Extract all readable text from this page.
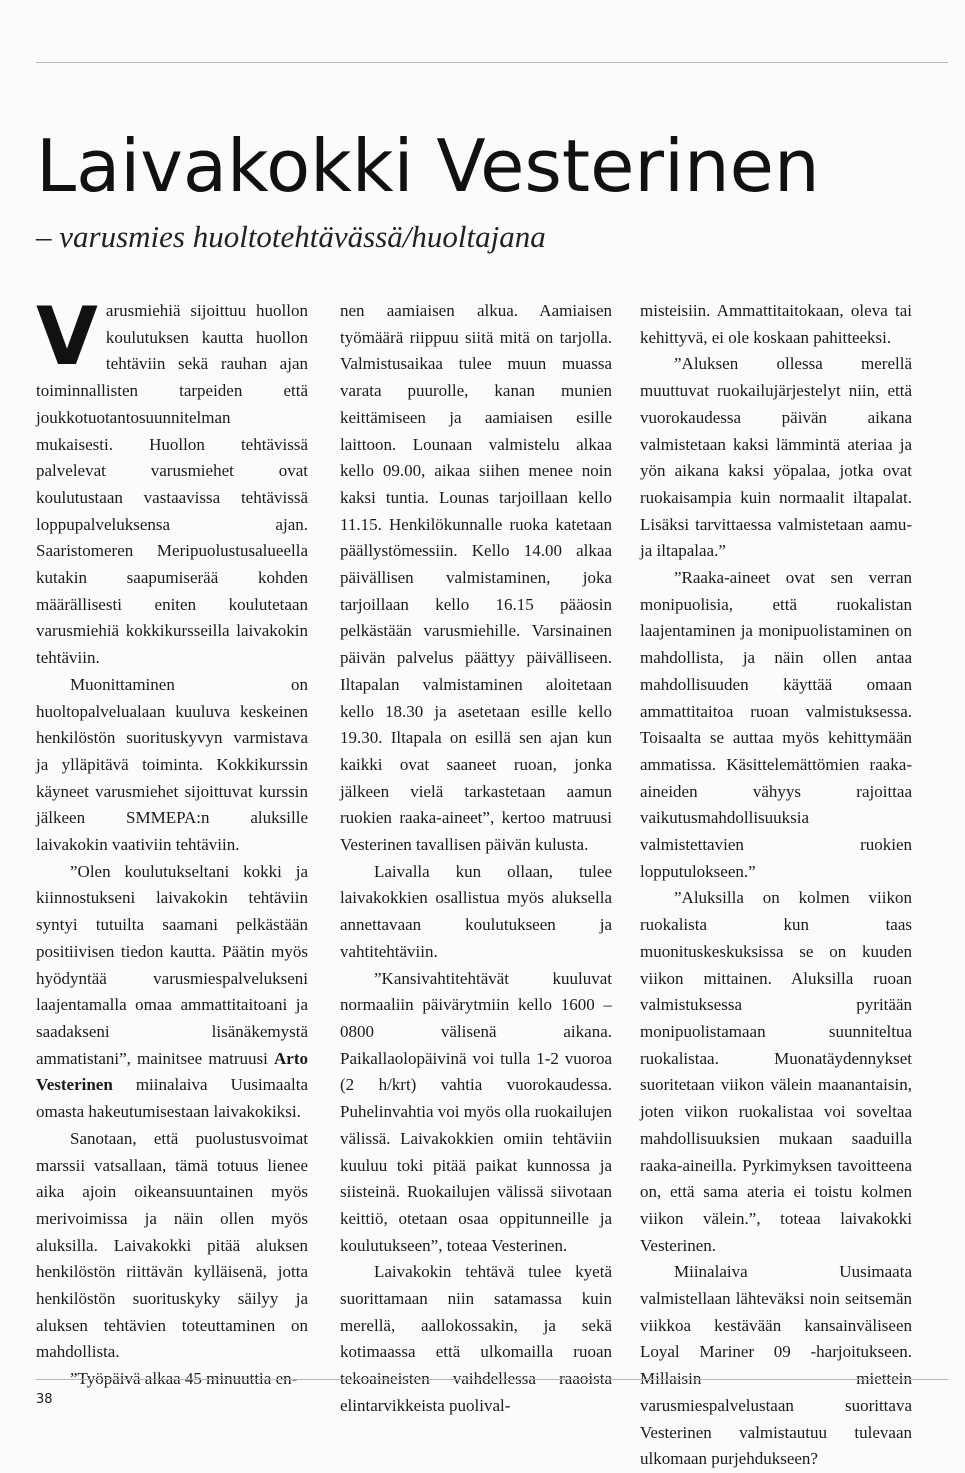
Laivakokki Vesterinen
– varusmies huoltotehtävässä/huoltajana

Varusmiehiä sijoittuu huollon koulutuksen kautta huollon tehtäviin sekä rauhan ajan toiminnallisten tarpeiden että joukkotuotantosuunnitelman mukaisesti. Huollon tehtävissä palvelevat varusmiehet ovat koulutustaan vastaavissa tehtävissä loppupalveluksensa ajan. Saaristomeren Meripuolustusalueella kutakin saapumiserää kohden määrällisesti eniten koulutetaan varusmiehiä kokkikursseilla laivakokin tehtäviin.

Muonittaminen on huoltopalvelualaan kuuluva keskeinen henkilöstön suorituskyvyn varmistava ja ylläpitävä toiminta. Kokkikurssin käyneet varusmiehet sijoittuvat kurssin jälkeen SMMEPA:n aluksille laivakokin vaativiin tehtäviin.

”Olen koulutukseltani kokki ja kiinnostukseni laivakokin tehtäviin syntyi tutuilta saamani pelkästään positiivisen tiedon kautta. Päätin myös hyödyntää varusmiespalvelukseni laajentamalla omaa ammattitaitoani ja saadakseni lisänäkemystä ammatistani”, mainitsee matruusi Arto Vesterinen miinalaiva Uusimaalta omasta hakeutumisestaan laivakokiksi.

Sanotaan, että puolustusvoimat marssii vatsallaan, tämä totuus lienee aika ajoin oikeansuuntainen myös merivoimissa ja näin ollen myös aluksilla. Laivakokki pitää aluksen henkilöstön riittävän kylläisenä, jotta henkilöstön suorituskyky säilyy ja aluksen tehtävien toteuttaminen on mahdollista.

”Työpäivä alkaa 45 minuuttia en-

nen aamiaisen alkua. Aamiaisen työmäärä riippuu siitä mitä on tarjolla. Valmistusaikaa tulee muun muassa varata puurolle, kanan munien keittämiseen ja aamiaisen esille laittoon. Lounaan valmistelu alkaa kello 09.00, aikaa siihen menee noin kaksi tuntia. Lounas tarjoillaan kello 11.15. Henkilökunnalle ruoka katetaan päällystömessiin. Kello 14.00 alkaa päivällisen valmistaminen, joka tarjoillaan kello 16.15 pääosin pelkästään varusmiehille. Varsinainen päivän palvelus päättyy päivälliseen. Iltapalan valmistaminen aloitetaan kello 18.30 ja asetetaan esille kello 19.30. Iltapala on esillä sen ajan kun kaikki ovat saaneet ruoan, jonka jälkeen vielä tarkastetaan aamun ruokien raaka-aineet”, kertoo matruusi Vesterinen tavallisen päivän kulusta.

Laivalla kun ollaan, tulee laivakokkien osallistua myös aluksella annettavaan koulutukseen ja vahtitehtäviin.

”Kansivahtitehtävät kuuluvat normaaliin päivärytmiin kello 1600 – 0800 välisenä aikana. Paikallaolopäivinä voi tulla 1-2 vuoroa (2 h/krt) vahtia vuorokaudessa. Puhelinvahtia voi myös olla ruokailujen välissä. Laivakokkien omiin tehtäviin kuuluu toki pitää paikat kunnossa ja siisteinä. Ruokailujen välissä siivotaan keittiö, otetaan osaa oppitunneille ja koulutukseen”, toteaa Vesterinen.

Laivakokin tehtävä tulee kyetä suorittamaan niin satamassa kuin merellä, aallokossakin, ja sekä kotimaassa että ulkomailla ruoan tekoaineisten vaihdellessa raaoista elintarvikkeista puolival-

misteisiin. Ammattitaitokaan, oleva tai kehittyvä, ei ole koskaan pahitteeksi.

”Aluksen ollessa merellä muuttuvat ruokailujärjestelyt niin, että vuorokaudessa päivän aikana valmistetaan kaksi lämmintä ateriaa ja yön aikana kaksi yöpalaa, jotka ovat ruokaisampia kuin normaalit iltapalat. Lisäksi tarvittaessa valmistetaan aamu- ja iltapalaa.”

”Raaka-aineet ovat sen verran monipuolisia, että ruokalistan laajentaminen ja monipuolistaminen on mahdollista, ja näin ollen antaa mahdollisuuden käyttää omaan ammattitaitoa ruoan valmistuksessa. Toisaalta se auttaa myös kehittymään ammatissa. Käsittelemättömien raaka-aineiden vähyys rajoittaa vaikutusmahdollisuuksia valmistettavien ruokien lopputulokseen.”

”Aluksilla on kolmen viikon ruokalista kun taas muonituskeskuksissa se on kuuden viikon mittainen. Aluksilla ruoan valmistuksessa pyritään monipuolistamaan suunniteltua ruokalistaa. Muonatäydennykset suoritetaan viikon välein maanantaisin, joten viikon ruokalistaa voi soveltaa mahdollisuuksien mukaan saaduilla raaka-aineilla. Pyrkimyksen tavoitteena on, että sama ateria ei toistu kolmen viikon välein.”, toteaa laivakokki Vesterinen.

Miinalaiva Uusimaata valmistellaan lähteväksi noin seitsemän viikkoa kestävään kansainväliseen Loyal Mariner 09 -harjoitukseen. Millaisin miettein varusmiespalvelustaan suorittava Vesterinen valmistautuu tulevaan ulkomaan purjehdukseen?

38
